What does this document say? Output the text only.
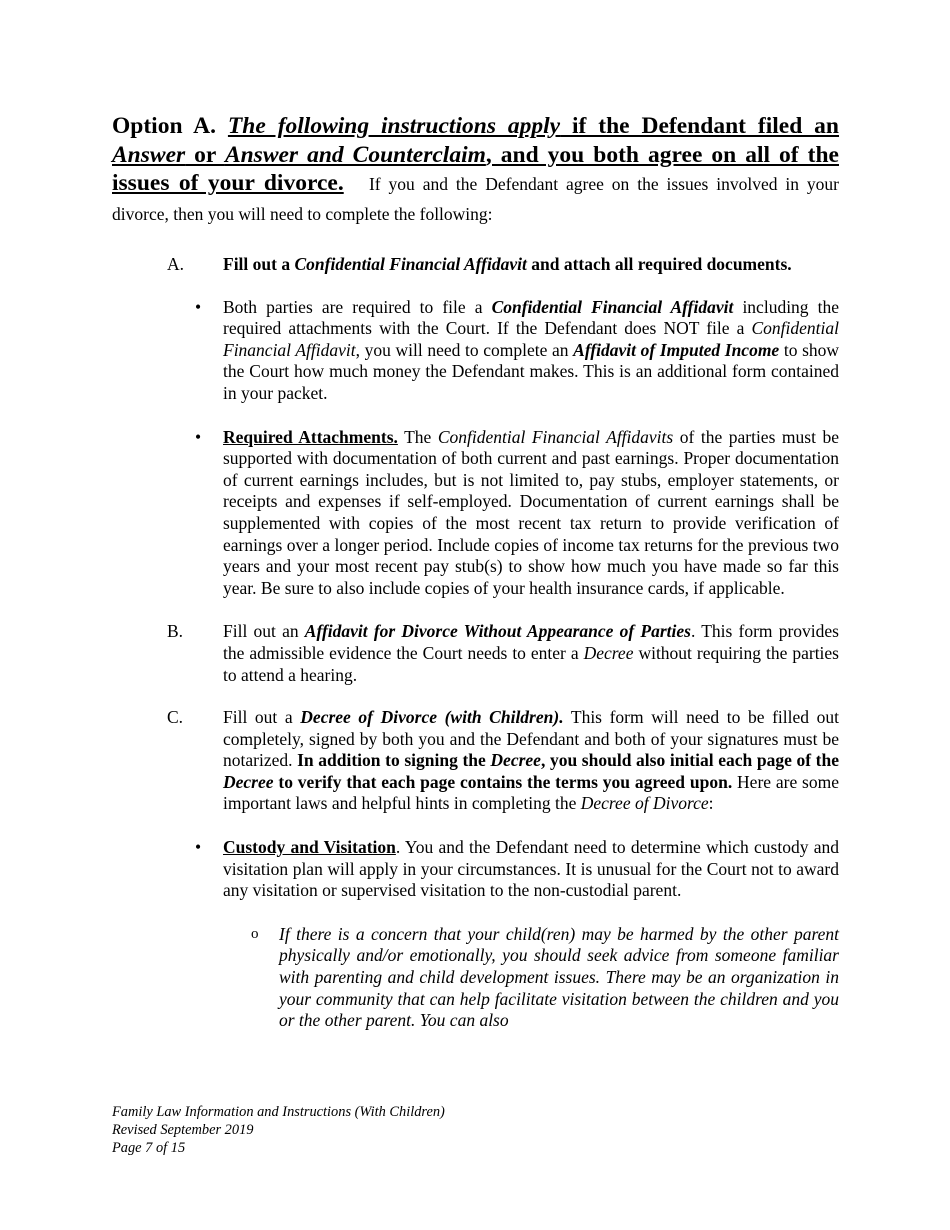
Option A. The following instructions apply if the Defendant filed an Answer or Answer and Counterclaim, and you both agree on all of the issues of your divorce. If you and the Defendant agree on the issues involved in your divorce, then you will need to complete the following:

A. Fill out a Confidential Financial Affidavit and attach all required documents.
• Both parties are required to file a Confidential Financial Affidavit including the required attachments with the Court. If the Defendant does NOT file a Confidential Financial Affidavit, you will need to complete an Affidavit of Imputed Income to show the Court how much money the Defendant makes. This is an additional form contained in your packet.
• Required Attachments. The Confidential Financial Affidavits of the parties must be supported with documentation of both current and past earnings. Proper documentation of current earnings includes, but is not limited to, pay stubs, employer statements, or receipts and expenses if self-employed. Documentation of current earnings shall be supplemented with copies of the most recent tax return to provide verification of earnings over a longer period. Include copies of income tax returns for the previous two years and your most recent pay stub(s) to show how much you have made so far this year. Be sure to also include copies of your health insurance cards, if applicable.
B. Fill out an Affidavit for Divorce Without Appearance of Parties. This form provides the admissible evidence the Court needs to enter a Decree without requiring the parties to attend a hearing.
C. Fill out a Decree of Divorce (with Children). This form will need to be filled out completely, signed by both you and the Defendant and both of your signatures must be notarized. In addition to signing the Decree, you should also initial each page of the Decree to verify that each page contains the terms you agreed upon. Here are some important laws and helpful hints in completing the Decree of Divorce:
• Custody and Visitation. You and the Defendant need to determine which custody and visitation plan will apply in your circumstances. It is unusual for the Court not to award any visitation or supervised visitation to the non-custodial parent.
o If there is a concern that your child(ren) may be harmed by the other parent physically and/or emotionally, you should seek advice from someone familiar with parenting and child development issues. There may be an organization in your community that can help facilitate visitation between the children and you or the other parent. You can also
Family Law Information and Instructions (With Children)
Revised September 2019
Page 7 of 15
